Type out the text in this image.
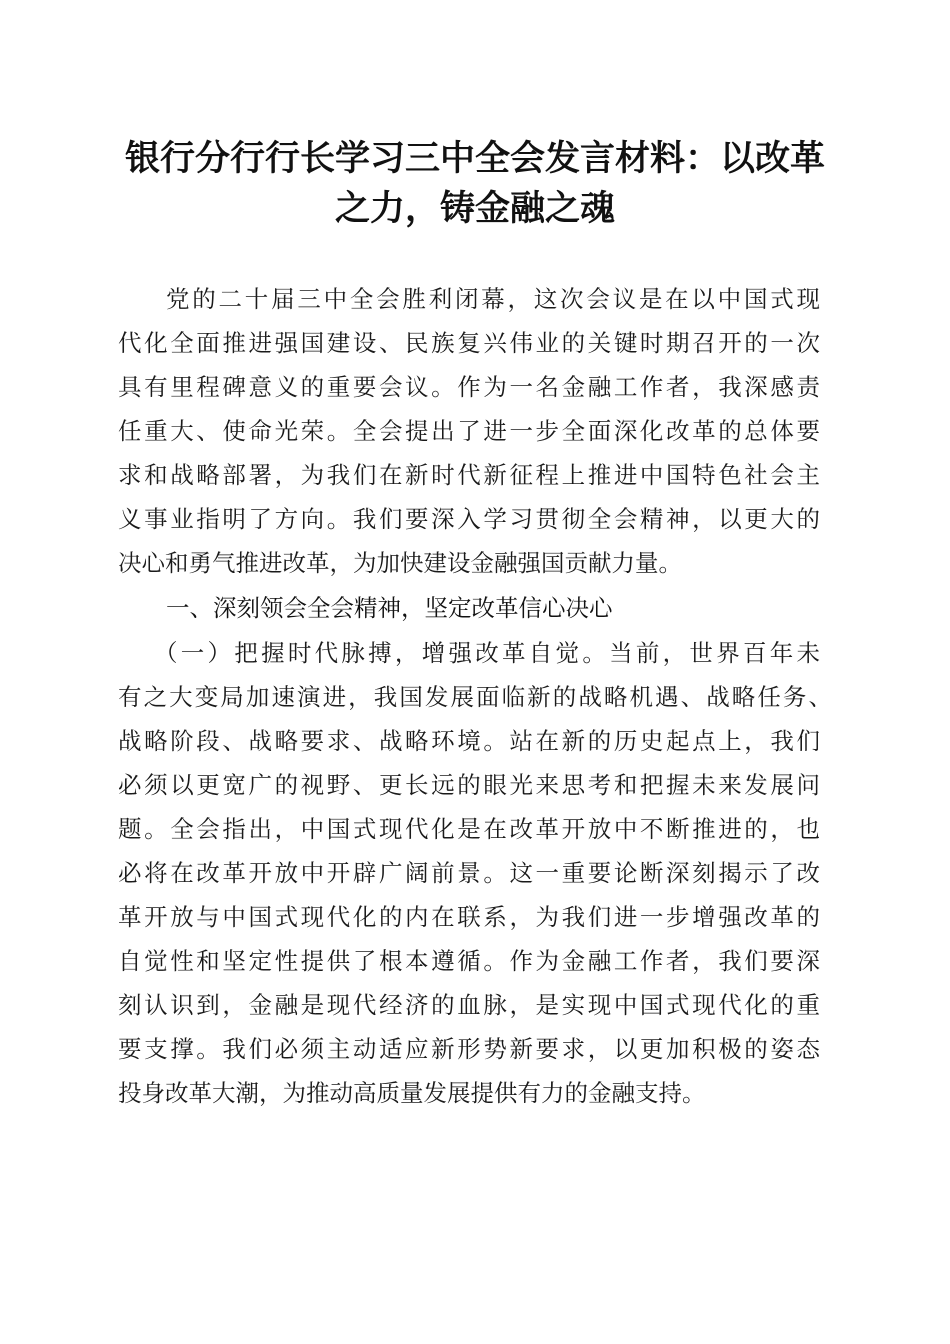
银行分行行长学习三中全会发言材料：以改革
之力，铸金融之魂
党的二十届三中全会胜利闭幕，这次会议是在以中国式现
代化全面推进强国建设、民族复兴伟业的关键时期召开的一次
具有里程碑意义的重要会议。作为一名金融工作者，我深感责
任重大、使命光荣。全会提出了进一步全面深化改革的总体要
求和战略部署，为我们在新时代新征程上推进中国特色社会主
义事业指明了方向。我们要深入学习贯彻全会精神，以更大的
决心和勇气推进改革，为加快建设金融强国贡献力量。
一、深刻领会全会精神，坚定改革信心决心
（一）把握时代脉搏，增强改革自觉。当前，世界百年未
有之大变局加速演进，我国发展面临新的战略机遇、战略任务、
战略阶段、战略要求、战略环境。站在新的历史起点上，我们
必须以更宽广的视野、更长远的眼光来思考和把握未来发展问
题。全会指出，中国式现代化是在改革开放中不断推进的，也
必将在改革开放中开辟广阔前景。这一重要论断深刻揭示了改
革开放与中国式现代化的内在联系，为我们进一步增强改革的
自觉性和坚定性提供了根本遵循。作为金融工作者，我们要深
刻认识到，金融是现代经济的血脉，是实现中国式现代化的重
要支撑。我们必须主动适应新形势新要求，以更加积极的姿态
投身改革大潮，为推动高质量发展提供有力的金融支持。
